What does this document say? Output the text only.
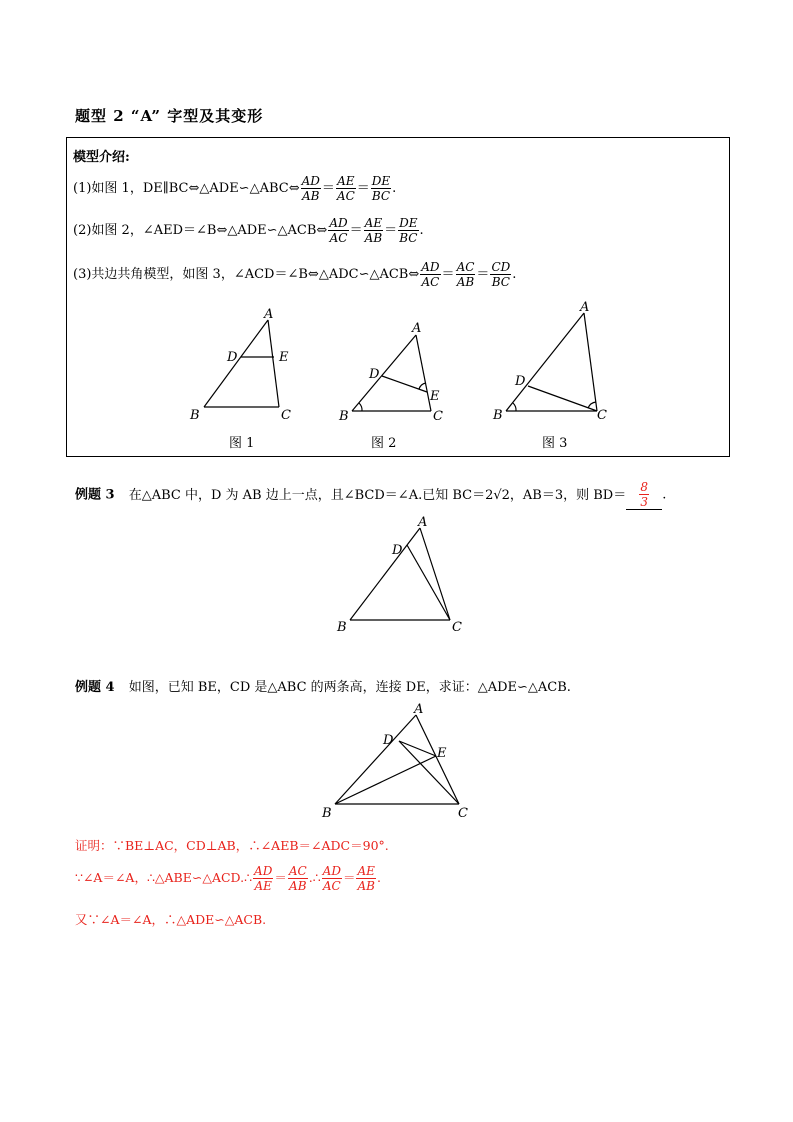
题型 2 “A” 字型及其变形
模型介绍:
(1)如图 1，DE∥BC⇔△ADE∽△ABC⇔ $\frac{AD}{AB} = \frac{AE}{AC} = \frac{DE}{BC}$ .
(2)如图 2，∠AED＝∠B⇔△ADE∽△ACB⇔ $\frac{AD}{AC} = \frac{AE}{AB} = \frac{DE}{BC}$ .
(3)共边共角模型，如图 3，∠ACD＝∠B⇔△ADC∽△ACB⇔ $\frac{AD}{AC} = \frac{AC}{AB} = \frac{CD}{BC}$ .
A
D	E
B	C
A
D
E
B	C
A
D
B	C
图 1	图 2	图 3
例题 3 在△ABC 中，D 为 AB 边上一点，且∠BCD＝∠A.已知 BC＝2√2，AB＝3，则 $BD= \frac{8}{3}$ .
A
D
B	C
例题 4 如图，已知 BE，CD 是△ABC 的两条高，连接 DE，求证：△ADE∽△ACB.
A
D
E
B	C
证明：∵BE⊥AC，CD⊥AB，∴∠AEB＝∠ADC＝90°.
∵∠A＝∠A，∴△ABE∽△ACD.∴ $\frac{AD}{AE} = \frac{AC}{AB}$ .∴ $\frac{AD}{AC} = \frac{AE}{AB}$ .
又∵∠A＝∠A，∴△ADE∽△ACB.
